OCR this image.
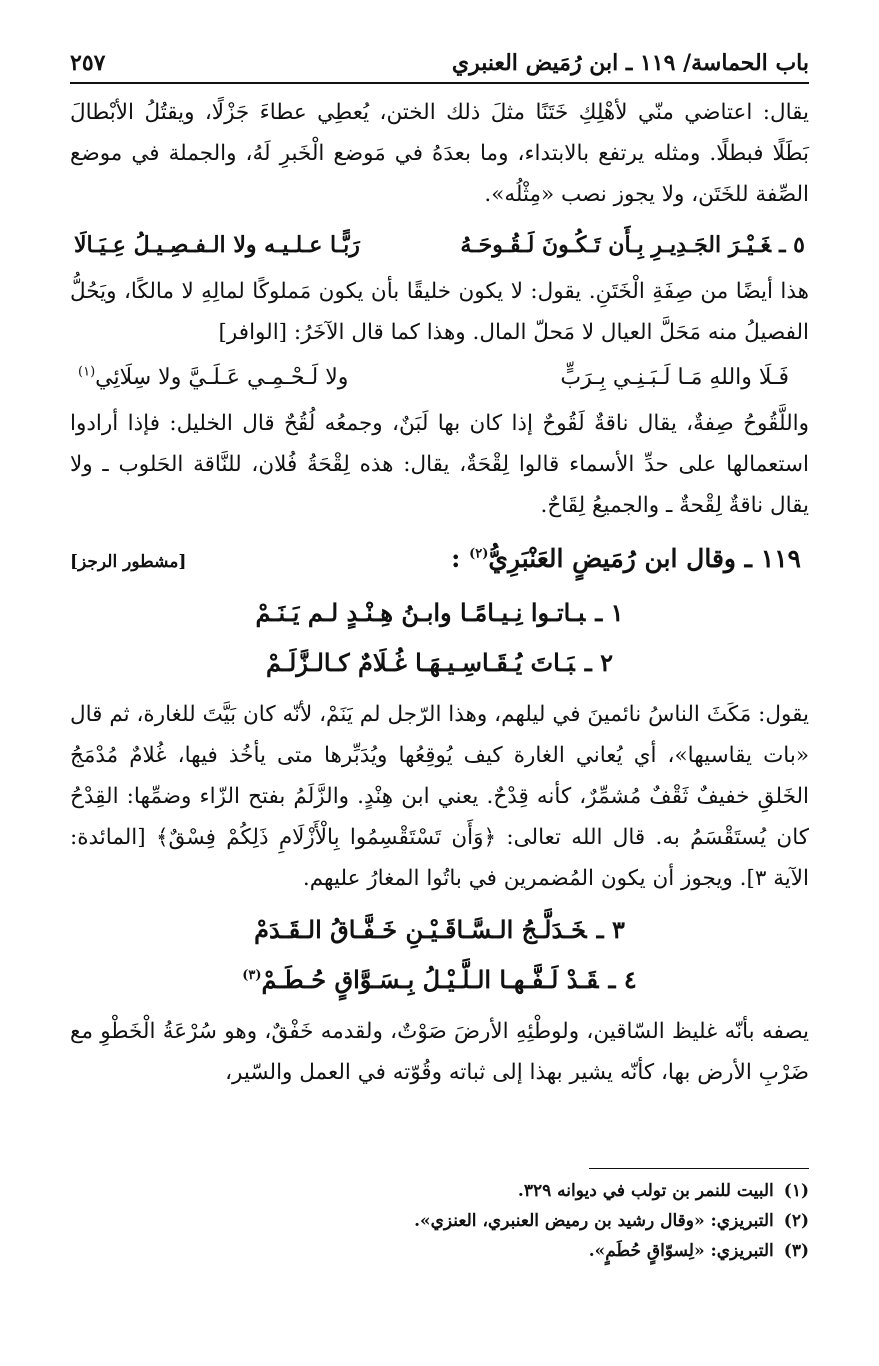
باب الحماسة/ ١١٩ ـ ابن رُمَيض العنبري
٢٥٧

يقال: اعتاضي منّي لأهْلِكِ خَتَنًا مثلَ ذلك الختن، يُعطِي عطاءَ جَزْلًا، ويقتُلُ الأبْطالَ بَطَلًا فبطلًا. ومثله يرتفع بالابتداء، وما بعدَهُ في مَوضع الْخَبرِ لَهُ، والجملة في موضع الصِّفة للخَتَن، ولا يجوز نصب «مِثْلُه».

٥ ـغَـيْـرَ الجَـدِيـرِ بِـأَن تَـكُـونَ لَـقُـوحَـهُ
رَبًّـا عـلـيـه ولا الـفـصِـيـلُ عِـيَـالَا

هذا أيضًا من صِفَةِ الْخَتَنِ. يقول: لا يكون خليقًا بأن يكون مَملوكًا لمالِهِ لا مالكًا، ويَحُلُّ الفصيلُ منه مَحَلَّ العيال لا مَحلّ المال. وهذا كما قال الآخَرُ: [الوافر]

فَـلَا واللهِ مَـا لَـبَـنِـي بِـرَبٍّ
ولا لَـحْـمِـي عَـلَـيَّ ولا سِلَائِي$^{(١)}$

واللَّقُوحُ صِفةٌ، يقال ناقةٌ لَقُوحٌ إذا كان بها لَبَنٌ، وجمعُه لُقُحٌ قال الخليل: فإذا أرادوا استعمالها على حدِّ الأسماء قالوا لِقْحَةٌ، يقال: هذه لِقْحَةُ فُلان، للنَّاقة الحَلوب ـ ولا يقال ناقةٌ لِقْحةٌ ـ والجميعُ لِقَاحٌ.

١١٩ ـ وقال ابن رُمَيضٍ العَنْبَرِيُّ$^{(٢)}$ :
[مشطور الرجز]
١ ـبـاتـوا نِـيـامًـا وابـنُ هِـنْـدٍ لـم يَـنَـمْ
٢ ـبَـاتَ يُـقَـاسِـيـهَـا غُـلَامٌ كـالـزَّلَـمْ

يقول: مَكَثَ الناسُ نائمينَ في ليلهم، وهذا الرّجل لم يَنَمْ، لأنّه كان بَيَّتَ للغارة، ثم قال «بات يقاسيها»، أي يُعاني الغارة كيف يُوقِعُها ويُدَبِّرها متى يأخُذ فيها، غُلامٌ مُدْمَجُ الخَلقِ خفيفٌ ثَقْفٌ مُشمِّرٌ، كأنه قِدْحٌ. يعني ابن هِنْدٍ. والزَّلَمُ بفتح الزّاء وضمِّها: القِدْحُ كان يُستَقْسَمُ به. قال الله تعالى: ﴿وَأَن تَسْتَقْسِمُوا بِالْأَزْلَامِ ذَلِكُمْ فِسْقٌ﴾ [المائدة: الآية ٣]. ويجوز أن يكون المُضمرين في باتُوا المغارُ عليهم.

٣ ـخَـدَلَّـجُ الـسَّـاقَـيْـنِ خَـفَّـاقُ الـقَـدَمْ
٤ ـقَـدْ لَـفَّـهـا الـلَّـيْـلُ بِـسَـوَّاقٍ حُـطَـمْ$^{(٣)}$

يصفه بأنّه غليظ السّاقين، ولوطْئِهِ الأرضَ صَوْتٌ، ولقدمه خَفْقٌ، وهو سُرْعَةُ الْخَطْوِ مع ضَرْبِ الأرض بها، كأنّه يشير بهذا إلى ثباته وقُوّته في العمل والسّير،

(١)البيت للنمر بن تولب في ديوانه ٣٢٩.
(٢)التبريزي: «وقال رشيد بن رميض العنبري، العنزي».
(٣)التبريزي: «لِسوّاقٍ حُطَمٍ».
